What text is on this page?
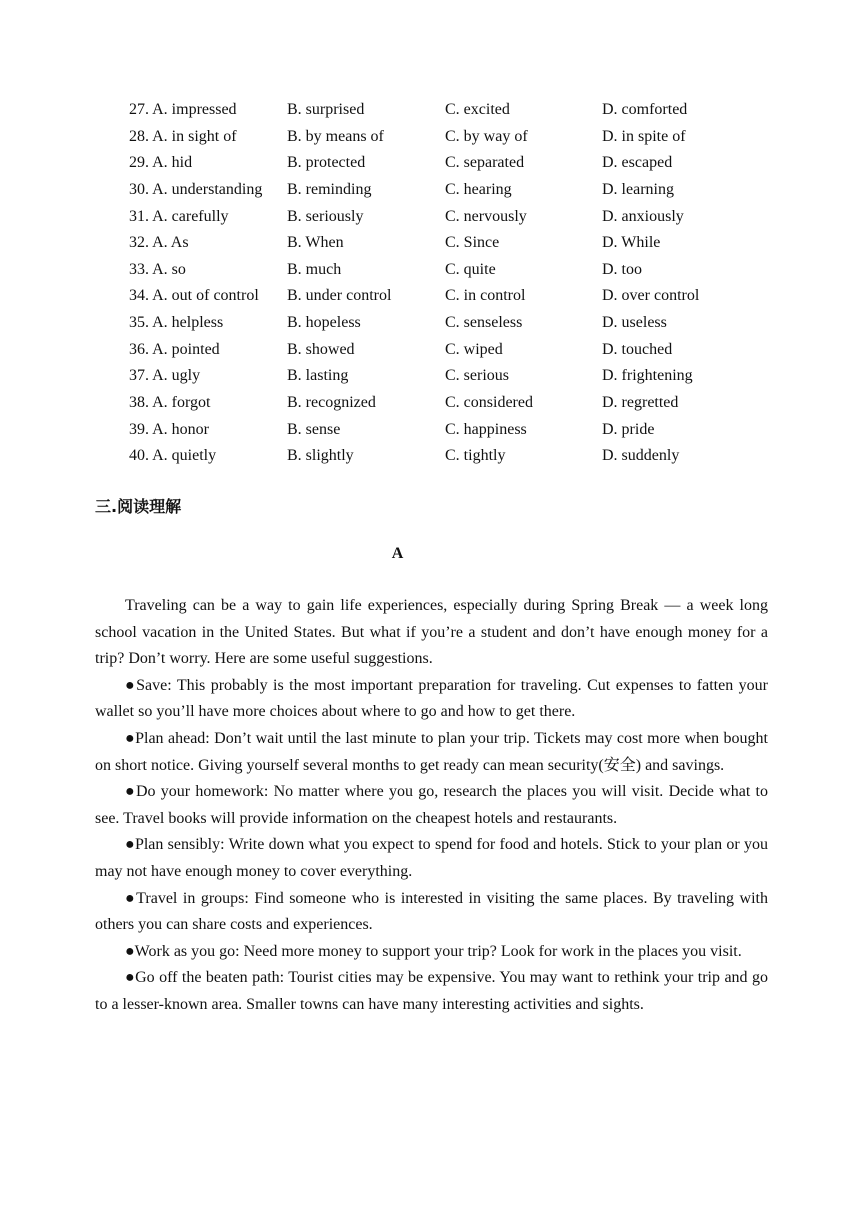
27. A. impressed	B. surprised	C. excited	D. comforted
28. A. in sight of	B. by means of	C. by way of	D. in spite of
29. A. hid	B. protected	C. separated	D. escaped
30. A. understanding B. reminding	C. hearing	D. learning
31. A. carefully	B. seriously	C. nervously	D. anxiously
32. A. As	B. When	C. Since	D. While
33. A. so	B. much	C. quite	D. too
34. A. out of control B. under control	C. in control	D. over control
35. A. helpless	B. hopeless	C. senseless	D. useless
36. A. pointed	B. showed	C. wiped	D. touched
37. A. ugly	B. lasting	C. serious	D. frightening
38. A. forgot	B. recognized	C. considered	D. regretted
39. A. honor	B. sense	C. happiness	D. pride
40. A. quietly	B. slightly	C. tightly	D. suddenly
三.阅读理解
A

Traveling can be a way to gain life experiences, especially during Spring Break — a week long school vacation in the United States. But what if you’re a student and don’t have enough money for a trip? Don’t worry. Here are some useful suggestions.

●Save: This probably is the most important preparation for traveling. Cut expenses to fatten your wallet so you’ll have more choices about where to go and how to get there.

●Plan ahead: Don’t wait until the last minute to plan your trip. Tickets may cost more when bought on short notice. Giving yourself several months to get ready can mean security(安全) and savings.

●Do your homework: No matter where you go, research the places you will visit. Decide what to see. Travel books will provide information on the cheapest hotels and restaurants.

●Plan sensibly: Write down what you expect to spend for food and hotels. Stick to your plan or you may not have enough money to cover everything.

●Travel in groups: Find someone who is interested in visiting the same places. By traveling with others you can share costs and experiences.

●Work as you go: Need more money to support your trip? Look for work in the places you visit.

●Go off the beaten path: Tourist cities may be expensive. You may want to rethink your trip and go to a lesser-known area. Smaller towns can have many interesting activities and sights.
